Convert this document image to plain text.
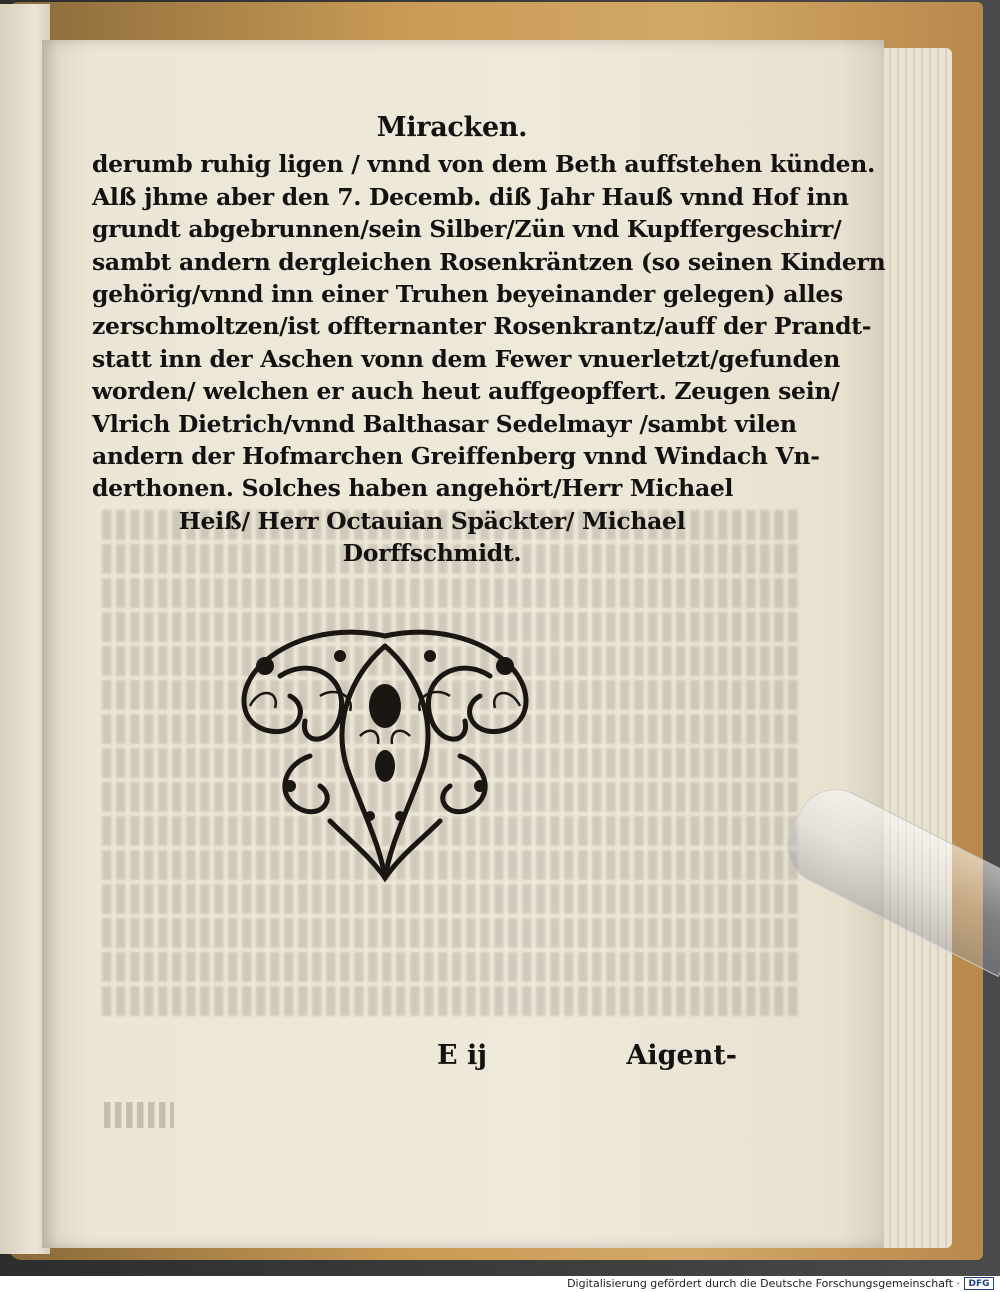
Miracken.
derumb ruhig ligen / vnnd von dem Beth auffstehen künden.
Alß jhme aber den 7. Decemb. diß Jahr Hauß vnnd Hof inn
grundt abgebrunnen/sein Silber/Zün vnd Kupffergeschirr/
sambt andern dergleichen Rosenkräntzen (so seinen Kindern
gehörig/vnnd inn einer Truhen beyeinander gelegen) alles
zerschmoltzen/ist offternanter Rosenkrantz/auff der Prandt-
statt inn der Aschen vonn dem Fewer vnuerletzt/gefunden
worden/ welchen er auch heut auffgeopffert. Zeugen sein/
Vlrich Dietrich/vnnd Balthasar Sedelmayr /sambt vilen
andern der Hofmarchen Greiffenberg vnnd Windach Vn-
derthonen. Solches haben angehört/Herr Michael
Heiß/ Herr Octauian Späckter/ Michael
Dorffschmidt.
E ij	Aigent-
Digitalisierung gefördert durch die Deutsche Forschungsgemeinschaft · DFG
